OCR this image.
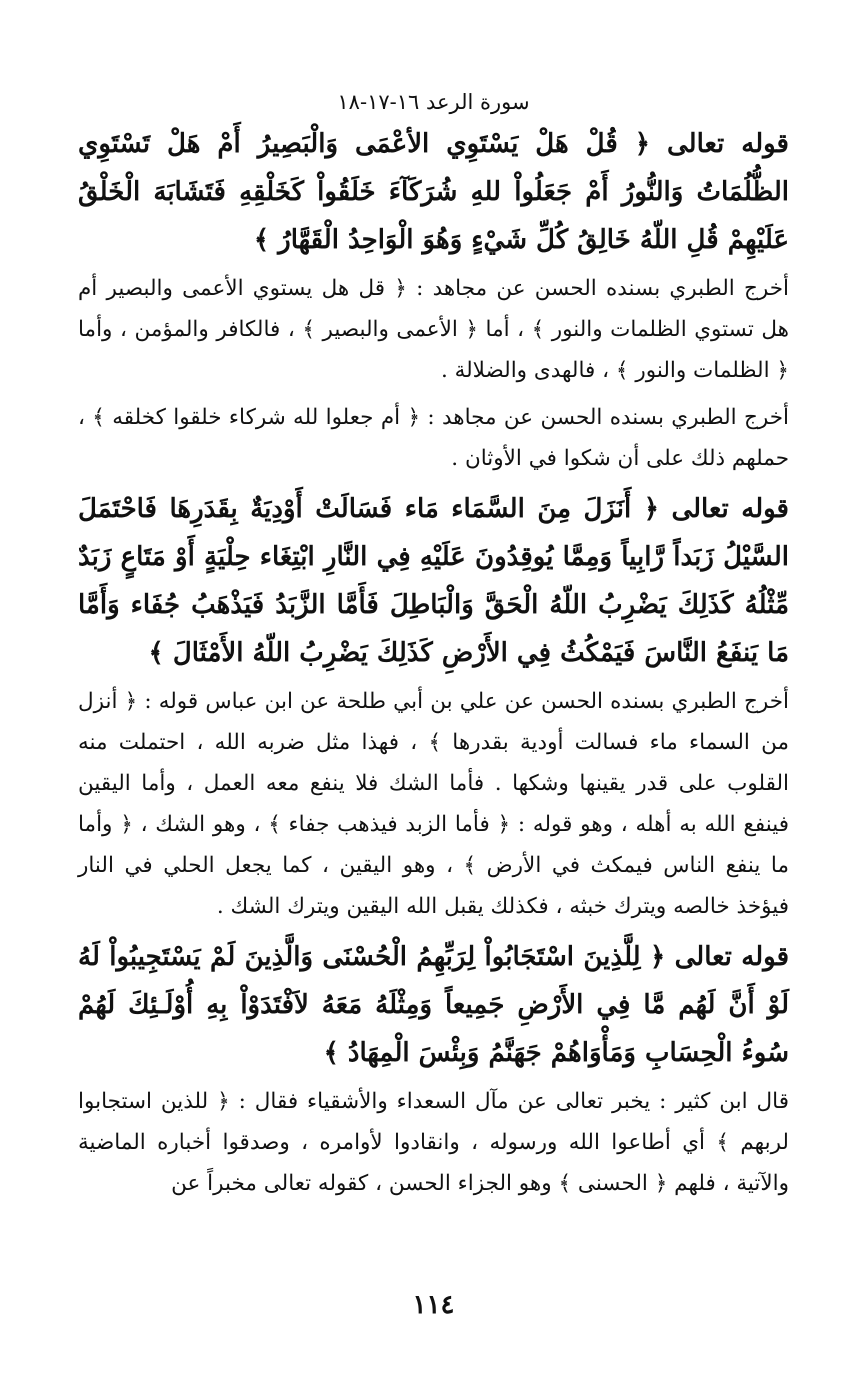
سورة الرعد ١٦-١٧-١٨

قوله تعالى ﴿ قُلْ هَلْ يَسْتَوِي الأعْمَى وَالْبَصِيرُ أَمْ هَلْ تَسْتَوِي الظُّلُمَاتُ وَالنُّورُ أَمْ جَعَلُواْ للهِ شُرَكَآءَ خَلَقُواْ كَخَلْقِهِ فَتَشَابَهَ الْخَلْقُ عَلَيْهِمْ قُلِ اللّهُ خَالِقُ كُلِّ شَيْءٍ وَهُوَ الْوَاحِدُ الْقَهَّارُ ﴾

أخرج الطبري بسنده الحسن عن مجاهد : ﴿ قل هل يستوي الأعمى والبصير أم هل تستوي الظلمات والنور ﴾ ، أما ﴿ الأعمى والبصير ﴾ ، فالكافر والمؤمن ، وأما ﴿ الظلمات والنور ﴾ ، فالهدى والضلالة .

أخرج الطبري بسنده الحسن عن مجاهد : ﴿ أم جعلوا لله شركاء خلقوا كخلقه ﴾ ، حملهم ذلك على أن شكوا في الأوثان .

قوله تعالى ﴿ أَنَزَلَ مِنَ السَّمَاء مَاء فَسَالَتْ أَوْدِيَةٌ بِقَدَرِهَا فَاحْتَمَلَ السَّيْلُ زَبَداً رَّابِياً وَمِمَّا يُوقِدُونَ عَلَيْهِ فِي النَّارِ ابْتِغَاء حِلْيَةٍ أَوْ مَتَاعٍ زَبَدٌ مِّثْلُهُ كَذَلِكَ يَضْرِبُ اللّهُ الْحَقَّ وَالْبَاطِلَ فَأَمَّا الزَّبَدُ فَيَذْهَبُ جُفَاء وَأَمَّا مَا يَنفَعُ النَّاسَ فَيَمْكُثُ فِي الأَرْضِ كَذَلِكَ يَضْرِبُ اللّهُ الأَمْثَالَ ﴾

أخرج الطبري بسنده الحسن عن علي بن أبي طلحة عن ابن عباس قوله : ﴿ أنزل من السماء ماء فسالت أودية بقدرها ﴾ ، فهذا مثل ضربه الله ، احتملت منه القلوب على قدر يقينها وشكها . فأما الشك فلا ينفع معه العمل ، وأما اليقين فينفع الله به أهله ، وهو قوله : ﴿ فأما الزبد فيذهب جفاء ﴾ ، وهو الشك ، ﴿ وأما ما ينفع الناس فيمكث في الأرض ﴾ ، وهو اليقين ، كما يجعل الحلي في النار فيؤخذ خالصه ويترك خبثه ، فكذلك يقبل الله اليقين ويترك الشك .

قوله تعالى ﴿ لِلَّذِينَ اسْتَجَابُواْ لِرَبِّهِمُ الْحُسْنَى وَالَّذِينَ لَمْ يَسْتَجِيبُواْ لَهُ لَوْ أَنَّ لَهُم مَّا فِي الأَرْضِ جَمِيعاً وَمِثْلَهُ مَعَهُ لاَفْتَدَوْاْ بِهِ أُوْلَـئِكَ لَهُمْ سُوءُ الْحِسَابِ وَمَأْوَاهُمْ جَهَنَّمُ وَبِئْسَ الْمِهَادُ ﴾

قال ابن كثير : يخبر تعالى عن مآل السعداء والأشقياء فقال : ﴿ للذين استجابوا لربهم ﴾ أي أطاعوا الله ورسوله ، وانقادوا لأوامره ، وصدقوا أخباره الماضية والآتية ، فلهم ﴿ الحسنى ﴾ وهو الجزاء الحسن ، كقوله تعالى مخبراً عن

١١٤
